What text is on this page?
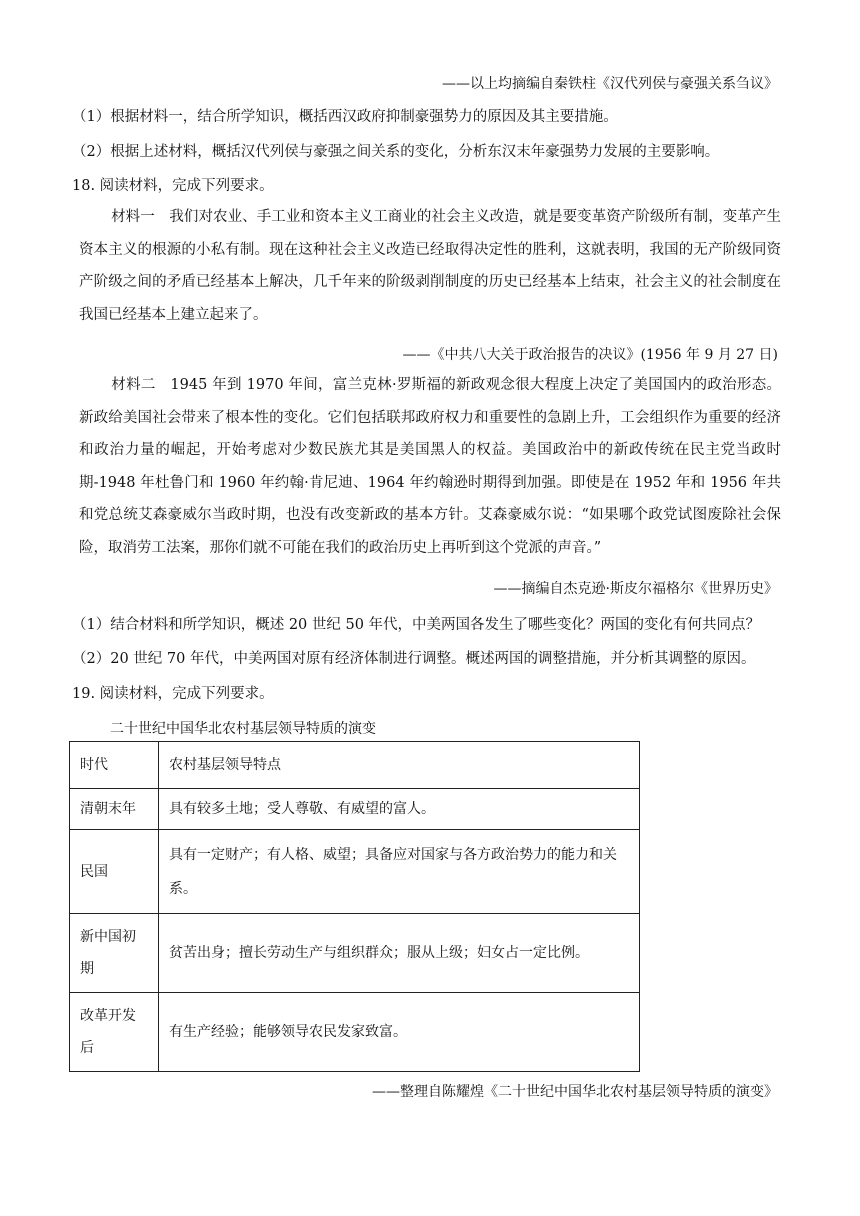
——以上均摘编自秦铁柱《汉代列侯与豪强关系刍议》
（1）根据材料一，结合所学知识，概括西汉政府抑制豪强势力的原因及其主要措施。
（2）根据上述材料，概括汉代列侯与豪强之间关系的变化，分析东汉末年豪强势力发展的主要影响。
18. 阅读材料，完成下列要求。
材料一　我们对农业、手工业和资本主义工商业的社会主义改造，就是要变革资产阶级所有制，变革产生资本主义的根源的小私有制。现在这种社会主义改造已经取得决定性的胜利，这就表明，我国的无产阶级同资产阶级之间的矛盾已经基本上解决，几千年来的阶级剥削制度的历史已经基本上结束，社会主义的社会制度在我国已经基本上建立起来了。
——《中共八大关于政治报告的决议》(1956 年 9 月 27 日)
材料二　1945 年到 1970 年间，富兰克林·罗斯福的新政观念很大程度上决定了美国国内的政治形态。新政给美国社会带来了根本性的变化。它们包括联邦政府权力和重要性的急剧上升，工会组织作为重要的经济和政治力量的崛起，开始考虑对少数民族尤其是美国黑人的权益。美国政治中的新政传统在民主党当政时期-1948 年杜鲁门和 1960 年约翰·肯尼迪、1964 年约翰逊时期得到加强。即使是在 1952 年和 1956 年共和党总统艾森豪威尔当政时期，也没有改变新政的基本方针。艾森豪威尔说：“如果哪个政党试图废除社会保险，取消劳工法案，那你们就不可能在我们的政治历史上再听到这个党派的声音。”
——摘编自杰克逊·斯皮尔福格尔《世界历史》
（1）结合材料和所学知识，概述 20 世纪 50 年代，中美两国各发生了哪些变化？两国的变化有何共同点？
（2）20 世纪 70 年代，中美两国对原有经济体制进行调整。概述两国的调整措施，并分析其调整的原因。
19. 阅读材料，完成下列要求。
二十世纪中国华北农村基层领导特质的演变
时代	农村基层领导特点
清朝末年	具有较多土地；受人尊敬、有威望的富人。
民国	具有一定财产；有人格、威望；具备应对国家与各方政治势力的能力和关系。
新中国初期	贫苦出身；擅长劳动生产与组织群众；服从上级；妇女占一定比例。
改革开发后	有生产经验；能够领导农民发家致富。
——整理自陈耀煌《二十世纪中国华北农村基层领导特质的演变》
